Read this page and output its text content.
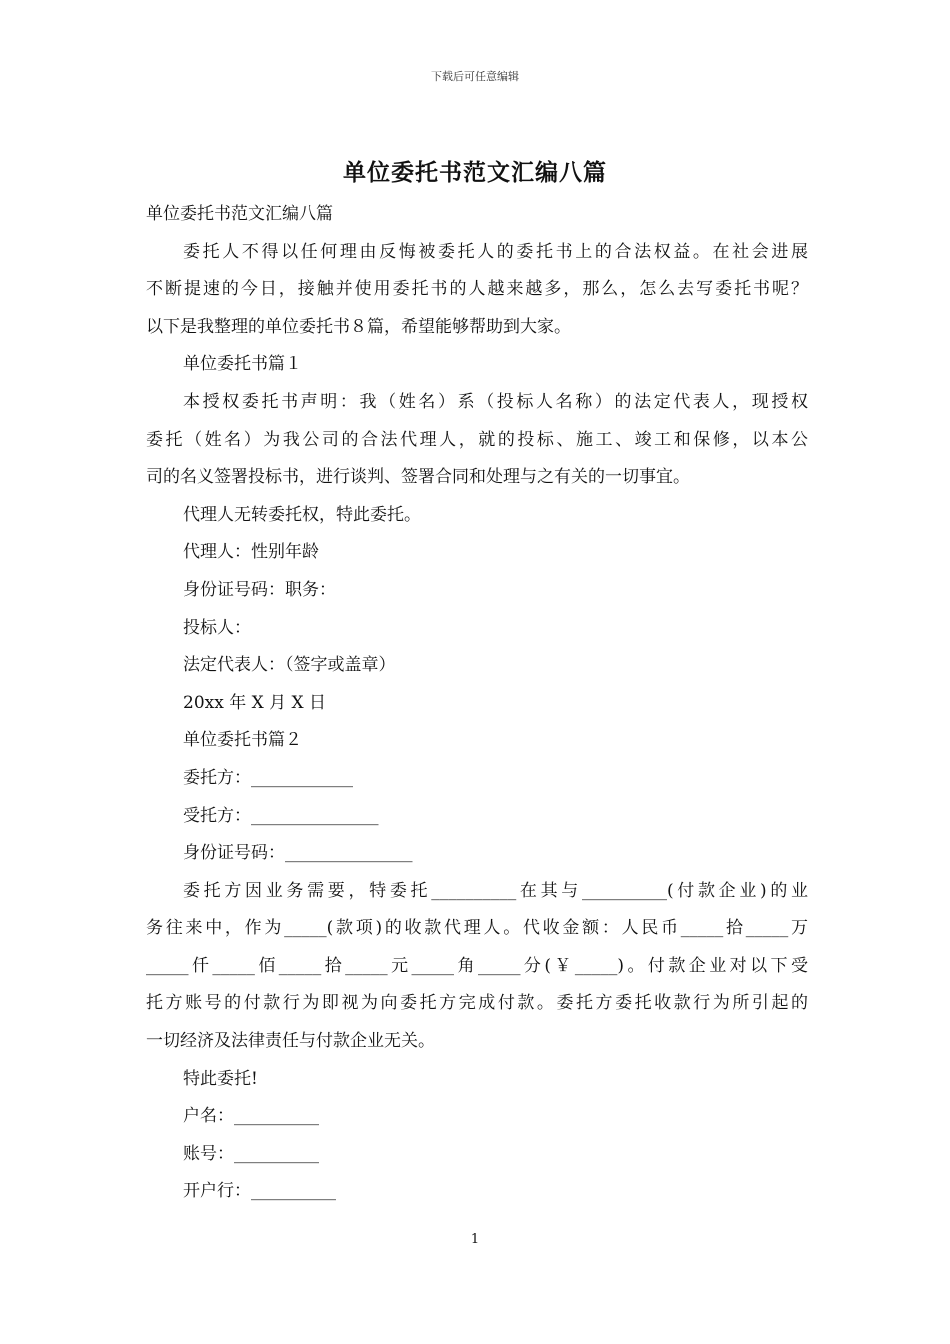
下载后可任意编辑
单位委托书范文汇编八篇
单位委托书范文汇编八篇
委托人不得以任何理由反悔被委托人的委托书上的合法权益。在社会进展
不断提速的今日，接触并使用委托书的人越来越多，那么，怎么去写委托书呢？
以下是我整理的单位委托书８篇，希望能够帮助到大家。
单位委托书篇１
本授权委托书声明：我（姓名）系（投标人名称）的法定代表人，现授权
委托（姓名）为我公司的合法代理人，就的投标、施工、竣工和保修，以本公
司的名义签署投标书，进行谈判、签署合同和处理与之有关的一切事宜。
代理人无转委托权，特此委托。
代理人：性别年龄
身份证号码：职务：
投标人：
法定代表人：（签字或盖章）
20xx 年 X 月 X 日
单位委托书篇２
委托方：____________
受托方：_______________
身份证号码：_______________
委托方因业务需要，特委托__________在其与__________(付款企业)的业
务往来中，作为_____(款项)的收款代理人。代收金额：人民币_____拾_____万
_____仟_____佰_____拾_____元_____角_____分(￥_____)。付款企业对以下受
托方账号的付款行为即视为向委托方完成付款。委托方委托收款行为所引起的
一切经济及法律责任与付款企业无关。
特此委托!
户名：__________
账号：__________
开户行：__________
1
